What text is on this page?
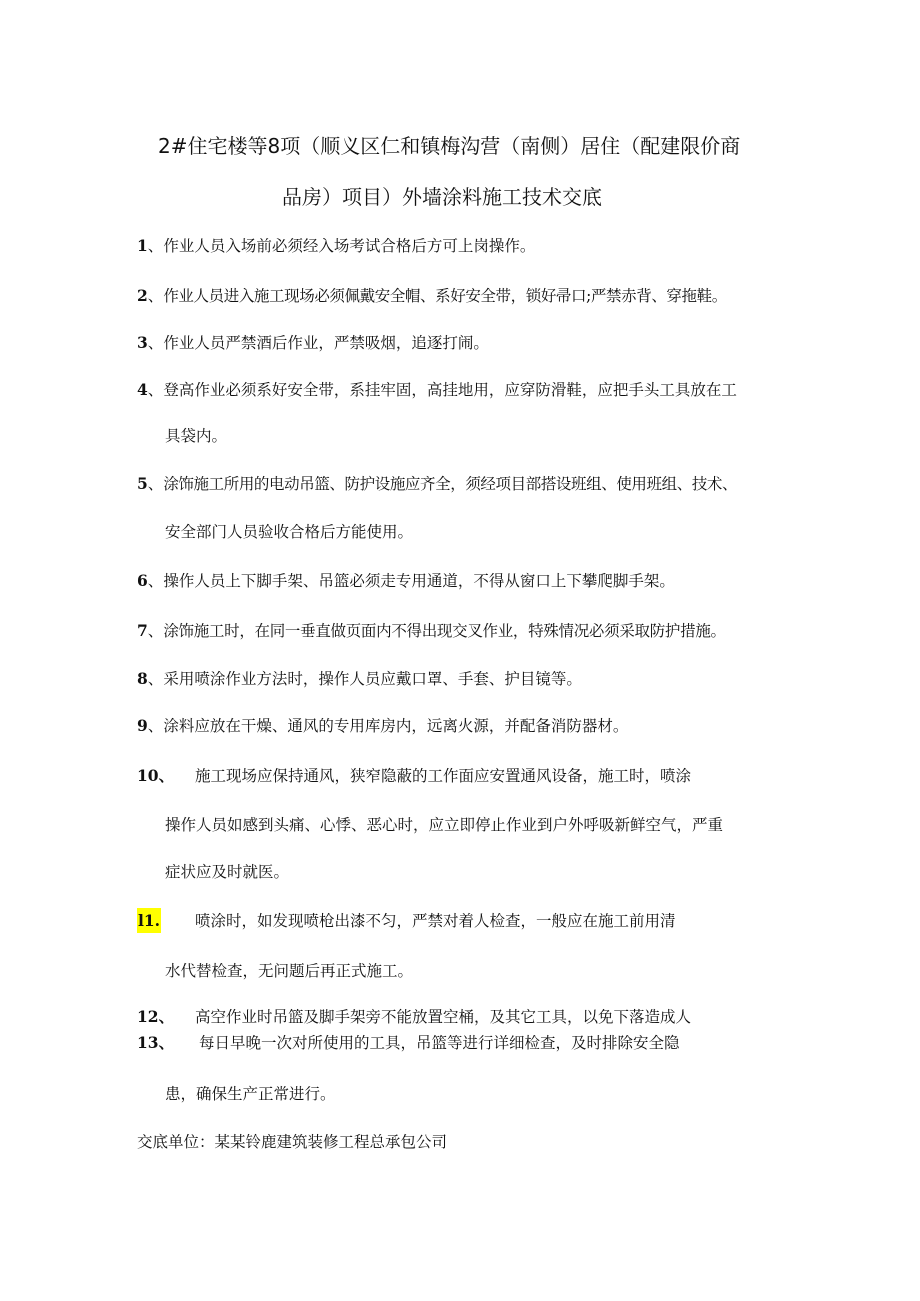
2#住宅楼等8项（顺义区仁和镇梅沟营（南侧）居住（配建限价商
品房）项目）外墙涂料施工技术交底
1、作业人员入场前必须经入场考试合格后方可上岗操作。
2、作业人员进入施工现场必须佩戴安全帽、系好安全带，锁好帚口;严禁赤背、穿拖鞋。
3、作业人员严禁酒后作业，严禁吸烟，追逐打闹。
4、登高作业必须系好安全带，系挂牢固，高挂地用，应穿防滑鞋，应把手头工具放在工
具袋内。
5、涂饰施工所用的电动吊篮、防护设施应齐全，须经项目部搭设班组、使用班组、技术、
安全部门人员验收合格后方能使用。
6、操作人员上下脚手架、吊篮必须走专用通道，不得从窗口上下攀爬脚手架。
7、涂饰施工时，在同一垂直做页面内不得出现交叉作业，特殊情况必须采取防护措施。
8、采用喷涂作业方法时，操作人员应戴口罩、手套、护目镜等。
9、涂料应放在干燥、通风的专用库房内，远离火源，并配备消防器材。
10、 施工现场应保持通风，狭窄隐蔽的工作面应安置通风设备，施工时，喷涂
操作人员如感到头痛、心悸、恶心时，应立即停止作业到户外呼吸新鲜空气，严重
症状应及时就医。
l1. 喷涂时，如发现喷枪出漆不匀，严禁对着人检查，一般应在施工前用清
水代替检查，无问题后再正式施工。
12、 高空作业时吊篮及脚手架旁不能放置空桶，及其它工具，以免下落造成人
13、 每日早晚一次对所使用的工具，吊篮等进行详细检查，及时排除安全隐
患，确保生产正常进行。
交底单位：某某铃鹿建筑装修工程总承包公司
